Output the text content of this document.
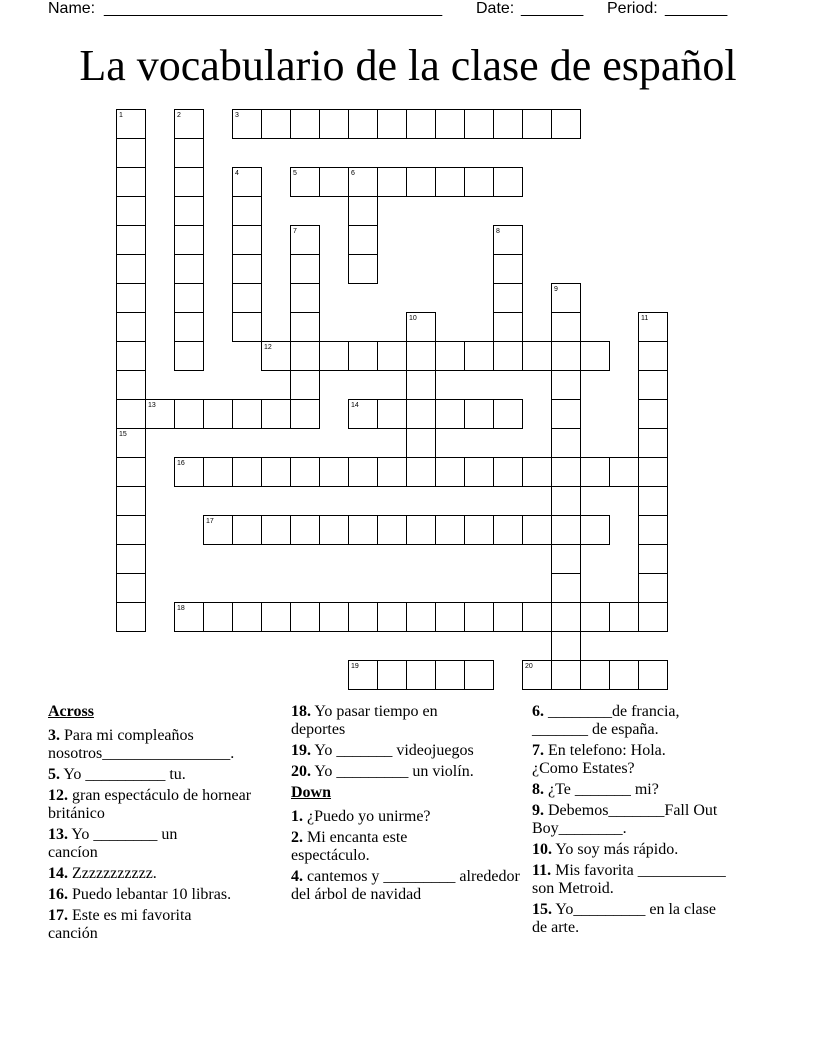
Name: ______________________________________ Date: _______ Period: _______
La vocabulario de la clase de español
1	2	3
4	5	6
7	8
9
10	11
12
13	14
15
16
17
18
19	20
Across
3. Para mi compleaños nosotros________________.
5. Yo __________ tu.
12. gran espectáculo de hornear británico
13. Yo ________ un cancíon
14. Zzzzzzzzzzz.
16. Puedo lebantar 10 libras.
17. Este es mi favorita canción
18. Yo pasar tiempo en deportes
19. Yo _______ videojuegos
20. Yo _________ un violín.
Down
1. ¿Puedo yo unirme?
2. Mi encanta este espectáculo.
4. cantemos y _________ alrededor del árbol de navidad
6. ________de francia, _______ de españa.
7. En telefono: Hola. ¿Como Estates?
8. ¿Te _______ mi?
9. Debemos_______Fall Out Boy________.
10. Yo soy más rápido.
11. Mis favorita ___________ son Metroid.
15. Yo_________ en la clase de arte.
